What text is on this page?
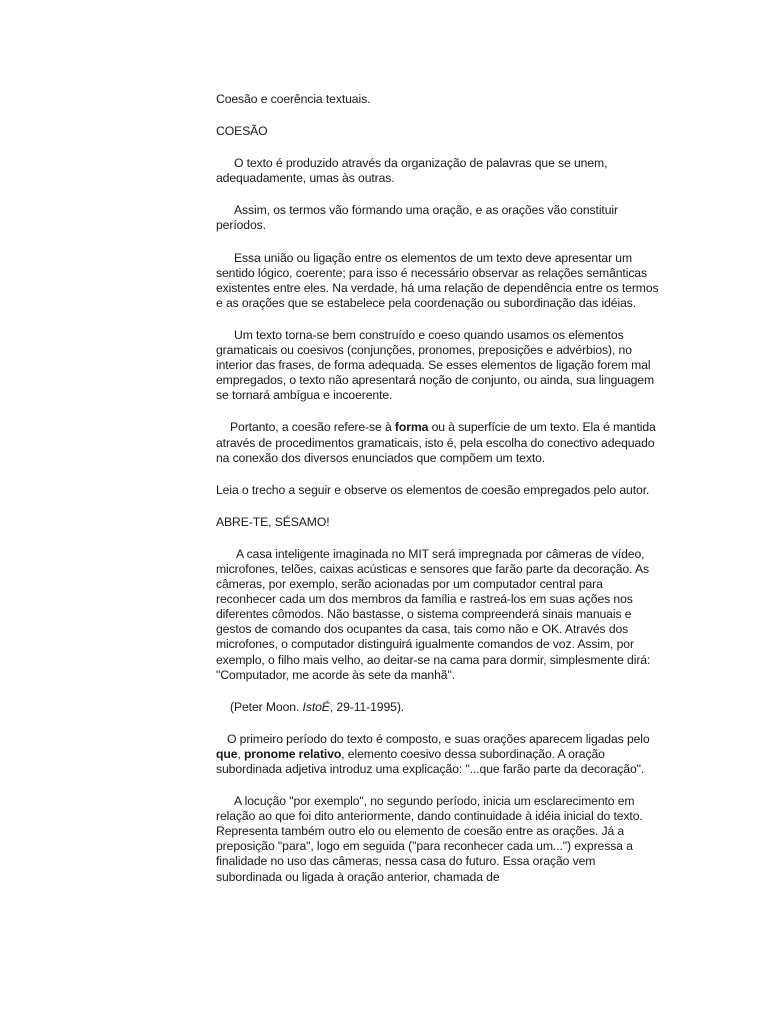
Coesão e coerência textuais.

COESÃO

O texto é produzido através da organização de palavras que se unem, adequadamente, umas às outras.

Assim, os termos vão formando uma oração, e as orações vão constituir períodos.

Essa união ou ligação entre os elementos de um texto deve apresentar um sentido lógico, coerente; para isso é necessário observar as relações semânticas existentes entre eles. Na verdade, há uma relação de dependência entre os termos e as orações que se estabelece pela coordenação ou subordinação das idéias.

Um texto torna-se bem construído e coeso quando usamos os elementos gramaticais ou coesivos (conjunções, pronomes, preposições e advérbios), no interior das frases, de forma adequada. Se esses elementos de ligação forem mal empregados, o texto não apresentará noção de conjunto, ou ainda, sua linguagem se tornará ambígua e incoerente.

Portanto, a coesão refere-se à forma ou à superfície de um texto. Ela é mantida através de procedimentos gramaticais, isto é, pela escolha do conectivo adequado na conexão dos diversos enunciados que compõem um texto.

Leia o trecho a seguir e observe os elementos de coesão empregados pelo autor.

ABRE-TE, SÉSAMO!

A casa inteligente imaginada no MIT será impregnada por câmeras de vídeo, microfones, telões, caixas acústicas e sensores que farão parte da decoração. As câmeras, por exemplo, serão acionadas por um computador central para reconhecer cada um dos membros da família e rastreá-los em suas ações nos diferentes cômodos. Não bastasse, o sistema compreenderá sinais manuais e gestos de comando dos ocupantes da casa, tais como não e OK. Através dos microfones, o computador distinguirá igualmente comandos de voz. Assim, por exemplo, o filho mais velho, ao deitar-se na cama para dormir, simplesmente dirá: "Computador, me acorde às sete da manhã".

(Peter Moon. IstoÉ, 29-11-1995).

O primeiro período do texto é composto, e suas orações aparecem ligadas pelo que, pronome relativo, elemento coesivo dessa subordinação. A oração subordinada adjetiva introduz uma explicação: "...que farão parte da decoração".

A locução "por exemplo", no segundo período, inicia um esclarecimento em relação ao que foi dito anteriormente, dando continuidade à idéia inicial do texto. Representa também outro elo ou elemento de coesão entre as orações. Já a preposição "para", logo em seguida ("para reconhecer cada um...") expressa a finalidade no uso das câmeras, nessa casa do futuro. Essa oração vem subordinada ou ligada à oração anterior, chamada de
